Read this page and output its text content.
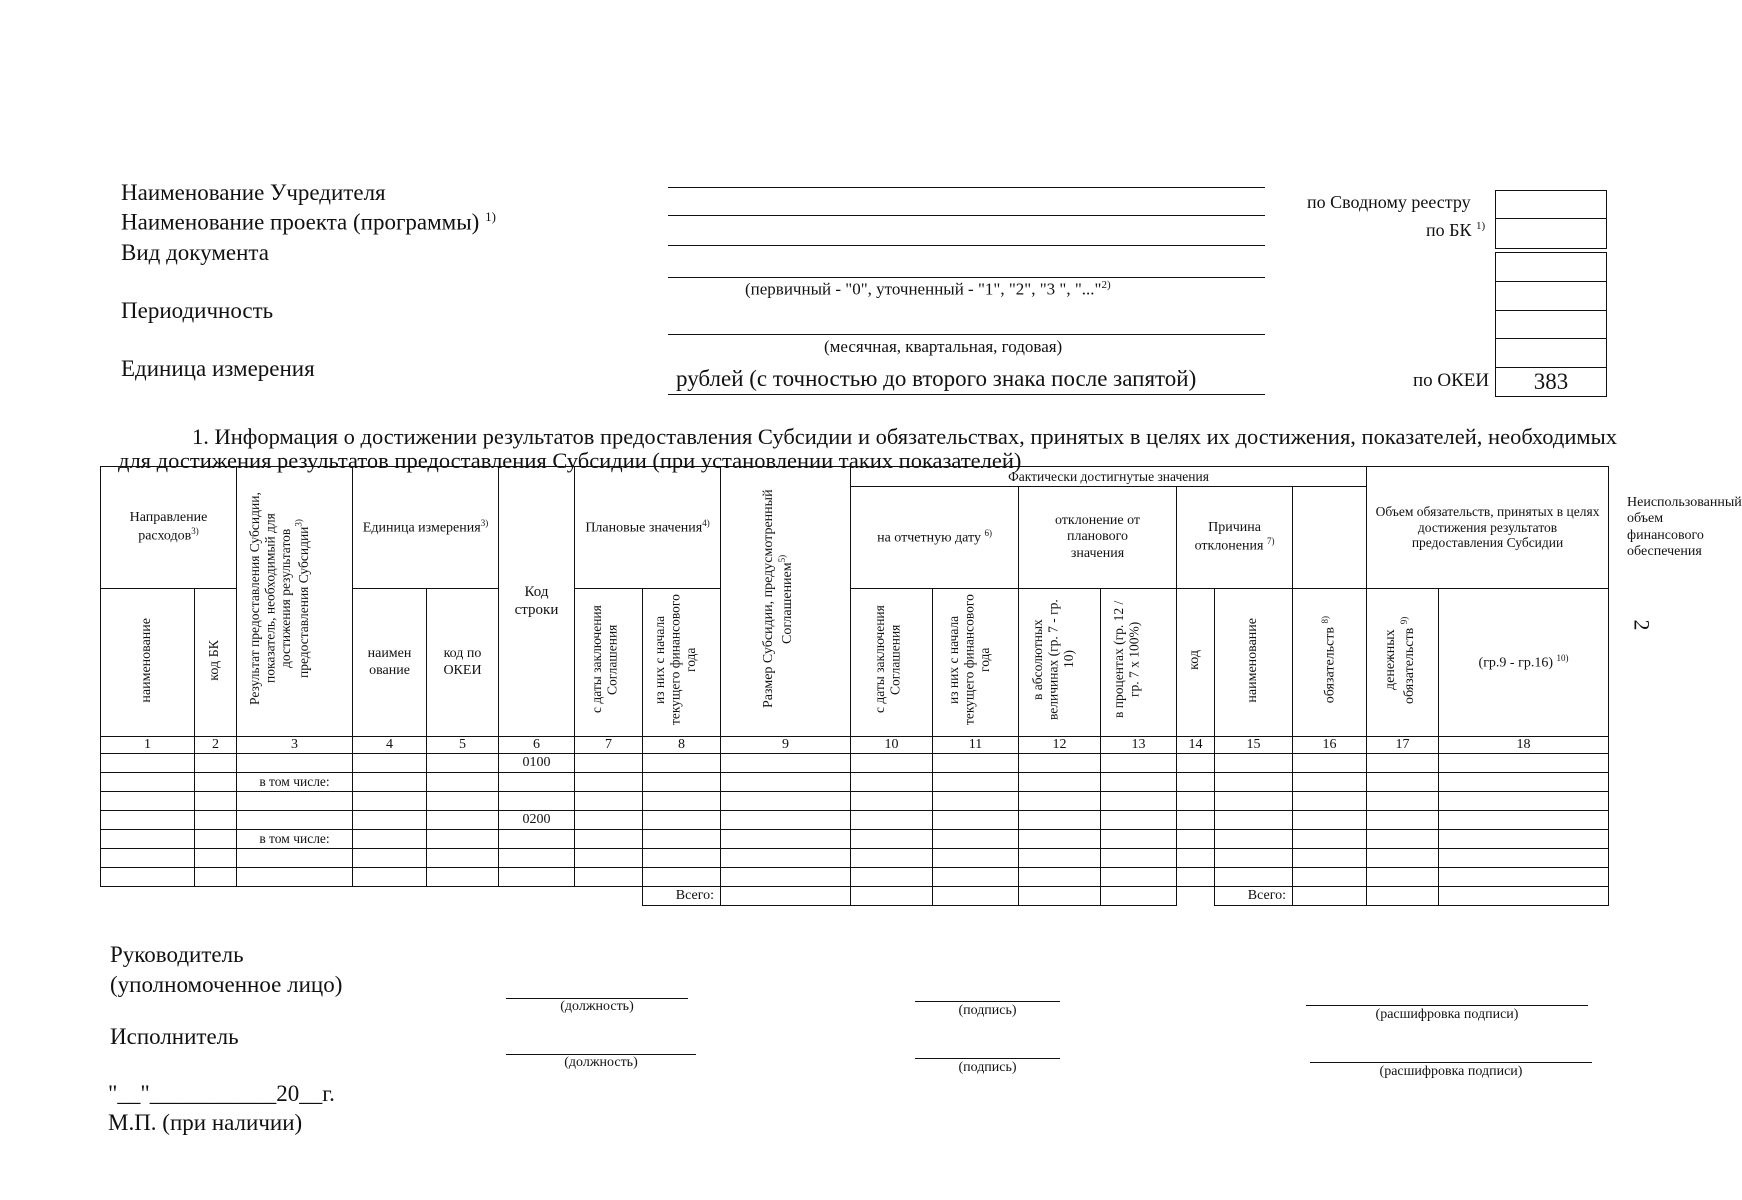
2
Наименование Учредителя
Наименование проекта (программы) $^{1)}$
Вид документа
Периодичность
Единица измерения
(первичный - "0", уточненный - "1", "2", "3 ", "..."$^{2)}$
(месячная, квартальная, годовая)
рублей (с точностью до второго знака после запятой)
по Сводному реестру
по БК $^{1)}$
по ОКЕИ	383
1. Информация о достижении результатов предоставления Субсидии и обязательствах, принятых в целях их достижения, показателей, необходимых для достижения результатов предоставления Субсидии (при установлении таких показателей)
Направление расходов$^{3)}$		Результат предоставления Субсидии, показатель, необходимый для достижения результатов предоставления Субсидии$^{3)}$	Единица измерения$^{3)}$		Код строки	Плановые значения$^{4)}$		Размер Субсидии, предусмотренный Соглашением$^{5)}$	Фактически достигнутые значения							Объем обязательств, принятых в целях достижения результатов предоставления Субсидии		Неиспользованный объем финансового обеспечения
									на отчетную дату $^{6)}$		отклонение от планового значения		Причина отклонения $^{7)}$
наименование	код БК		наимен ование	код по ОКЕИ		с даты заключения Соглашения	из них с начала текущего финансового года		с даты заключения Соглашения	из них с начала текущего финансового года	в абсолютных величинах (гр. 7 - гр. 10)	в процентах (гр. 12 / гр. 7 х 100%)	код	наименование	обязательств $^{8)}$	денежных обязательств $^{9)}$	(гр.9 - гр.16) $^{10)}$
1	2	3	4	5	6	7	8	9	10	11	12	13	14	15	16	17	18	
					0100													
		в том числе:																

					0200													
		в том числе:																

							Всего:							Всего:				
Руководитель
(уполномоченное лицо)
(должность)	(подпись)	(расшифровка подписи)
Исполнитель
(должность)	(подпись)	(расшифровка подписи)
"__"___________20__г.
М.П. (при наличии)
